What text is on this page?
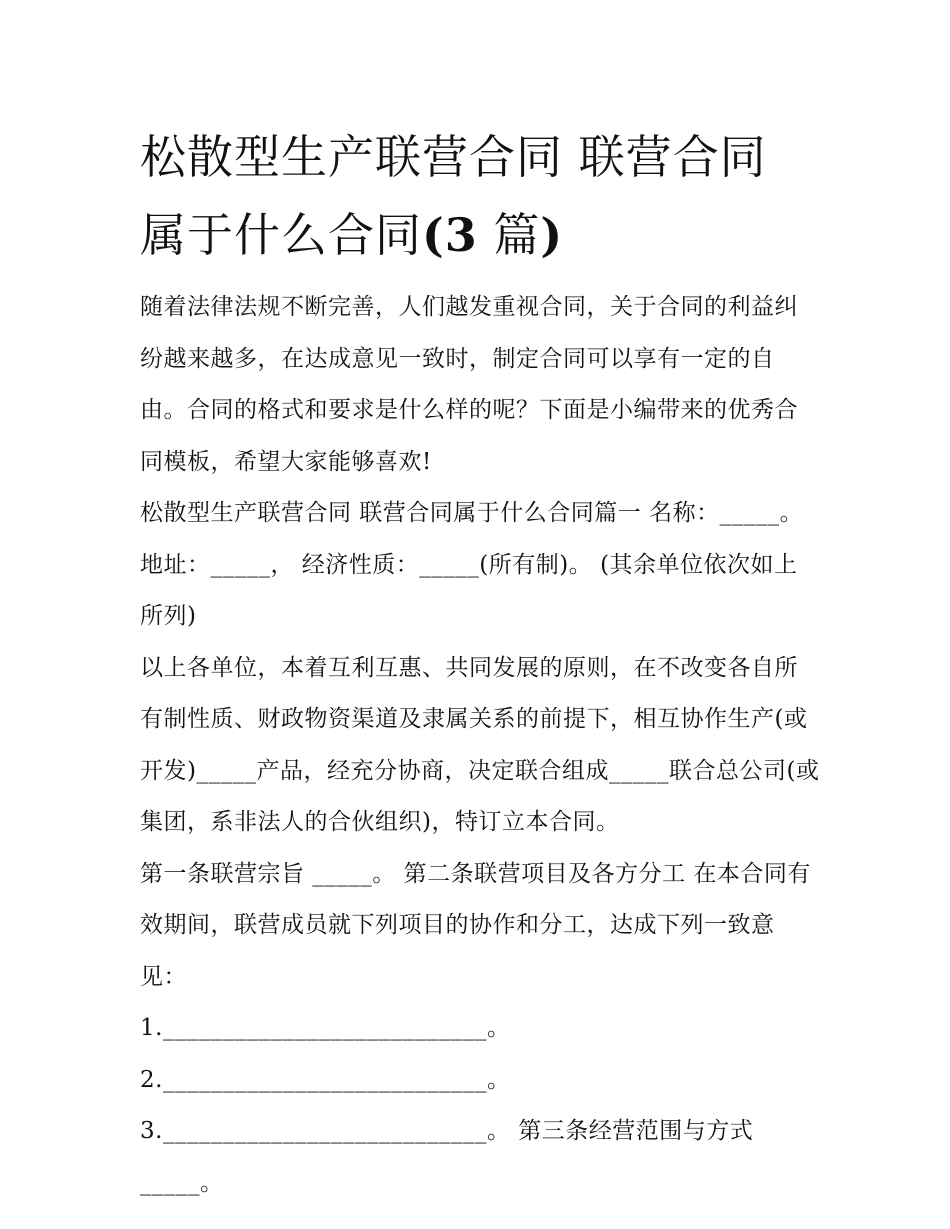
松散型生产联营合同 联营合同
属于什么合同(3 篇)

随着法律法规不断完善，人们越发重视合同，关于合同的利益纠纷越来越多，在达成意见一致时，制定合同可以享有一定的自由。合同的格式和要求是什么样的呢？下面是小编带来的优秀合同模板，希望大家能够喜欢!

松散型生产联营合同 联营合同属于什么合同篇一 名称：_____。 地址：_____， 经济性质：_____(所有制)。 (其余单位依次如上所列)

以上各单位，本着互利互惠、共同发展的原则，在不改变各自所有制性质、财政物资渠道及隶属关系的前提下，相互协作生产(或开发)_____产品，经充分协商，决定联合组成_____联合总公司(或集团，系非法人的合伙组织)，特订立本合同。

第一条联营宗旨 _____。 第二条联营项目及各方分工 在本合同有效期间，联营成员就下列项目的协作和分工，达成下列一致意见：

1.___________________________。 2.___________________________。

3.___________________________。 第三条经营范围与方式 _____。
